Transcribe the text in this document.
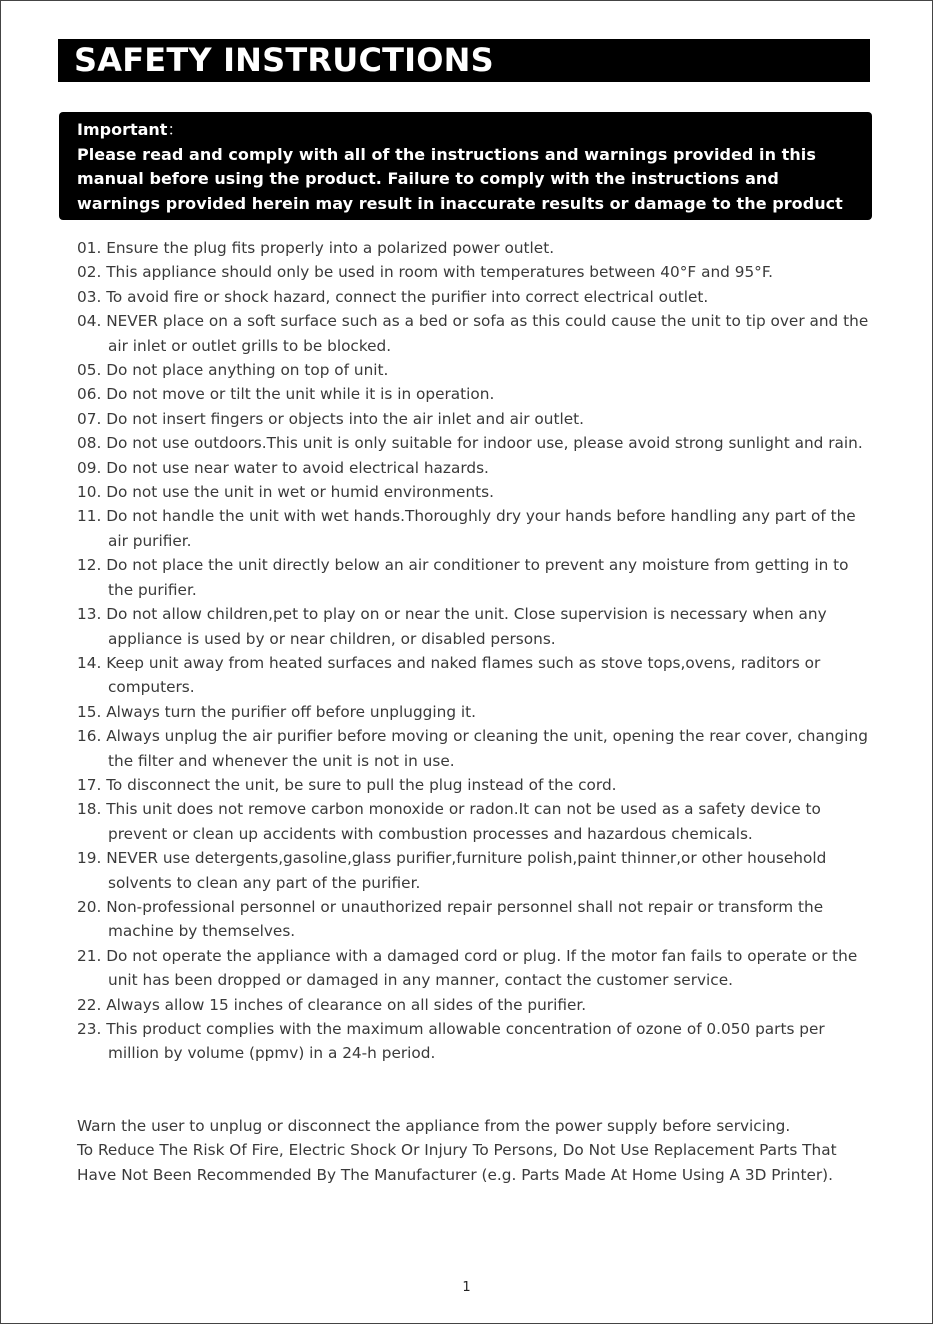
SAFETY INSTRUCTIONS
Important：
Please read and comply with all of the instructions and warnings provided in this manual before using the product. Failure to comply with the instructions and warnings provided herein may result in inaccurate results or damage to the product itself.
01. Ensure the plug fits properly into a polarized power outlet.
02. This appliance should only be used in room with temperatures between 40°F and 95°F.
03. To avoid fire or shock hazard, connect the purifier into correct electrical outlet.
04. NEVER place on a soft surface such as a bed or sofa as this could cause the unit to tip over and the air inlet or outlet grills to be blocked.
05. Do not place anything on top of unit.
06. Do not move or tilt the unit while it is in operation.
07. Do not insert fingers or objects into the air inlet and air outlet.
08. Do not use outdoors.This unit is only suitable for indoor use, please avoid strong sunlight and rain.
09. Do not use near water to avoid electrical hazards.
10. Do not use the unit in wet or humid environments.
11. Do not handle the unit with wet hands.Thoroughly dry your hands before handling any part of the air purifier.
12. Do not place the unit directly below an air conditioner to prevent any moisture from getting in to the purifier.
13. Do not allow children,pet to play on or near the unit. Close supervision is necessary when any appliance is used by or near children, or disabled persons.
14. Keep unit away from heated surfaces and naked flames such as stove tops,ovens, raditors or computers.
15. Always turn the purifier off before unplugging it.
16. Always unplug the air purifier before moving or cleaning the unit, opening the rear cover, changing the filter and whenever the unit is not in use.
17. To disconnect the unit, be sure to pull the plug instead of the cord.
18. This unit does not remove carbon monoxide or radon.It can not be used as a safety device to prevent or clean up accidents with combustion processes and hazardous chemicals.
19. NEVER use detergents,gasoline,glass purifier,furniture polish,paint thinner,or other household solvents to clean any part of the purifier.
20. Non-professional personnel or unauthorized repair personnel shall not repair or transform the machine by themselves.
21. Do not operate the appliance with a damaged cord or plug. If the motor fan fails to operate or the unit has been dropped or damaged in any manner, contact the customer service.
22. Always allow 15 inches of clearance on all sides of the purifier.
23. This product complies with the maximum allowable concentration of ozone of 0.050 parts per million by volume (ppmv) in a 24-h period.

Warn the user to unplug or disconnect the appliance from the power supply before servicing.

To Reduce The Risk Of Fire, Electric Shock Or Injury To Persons, Do Not Use Replacement Parts That Have Not Been Recommended By The Manufacturer (e.g. Parts Made At Home Using A 3D Printer).

1
